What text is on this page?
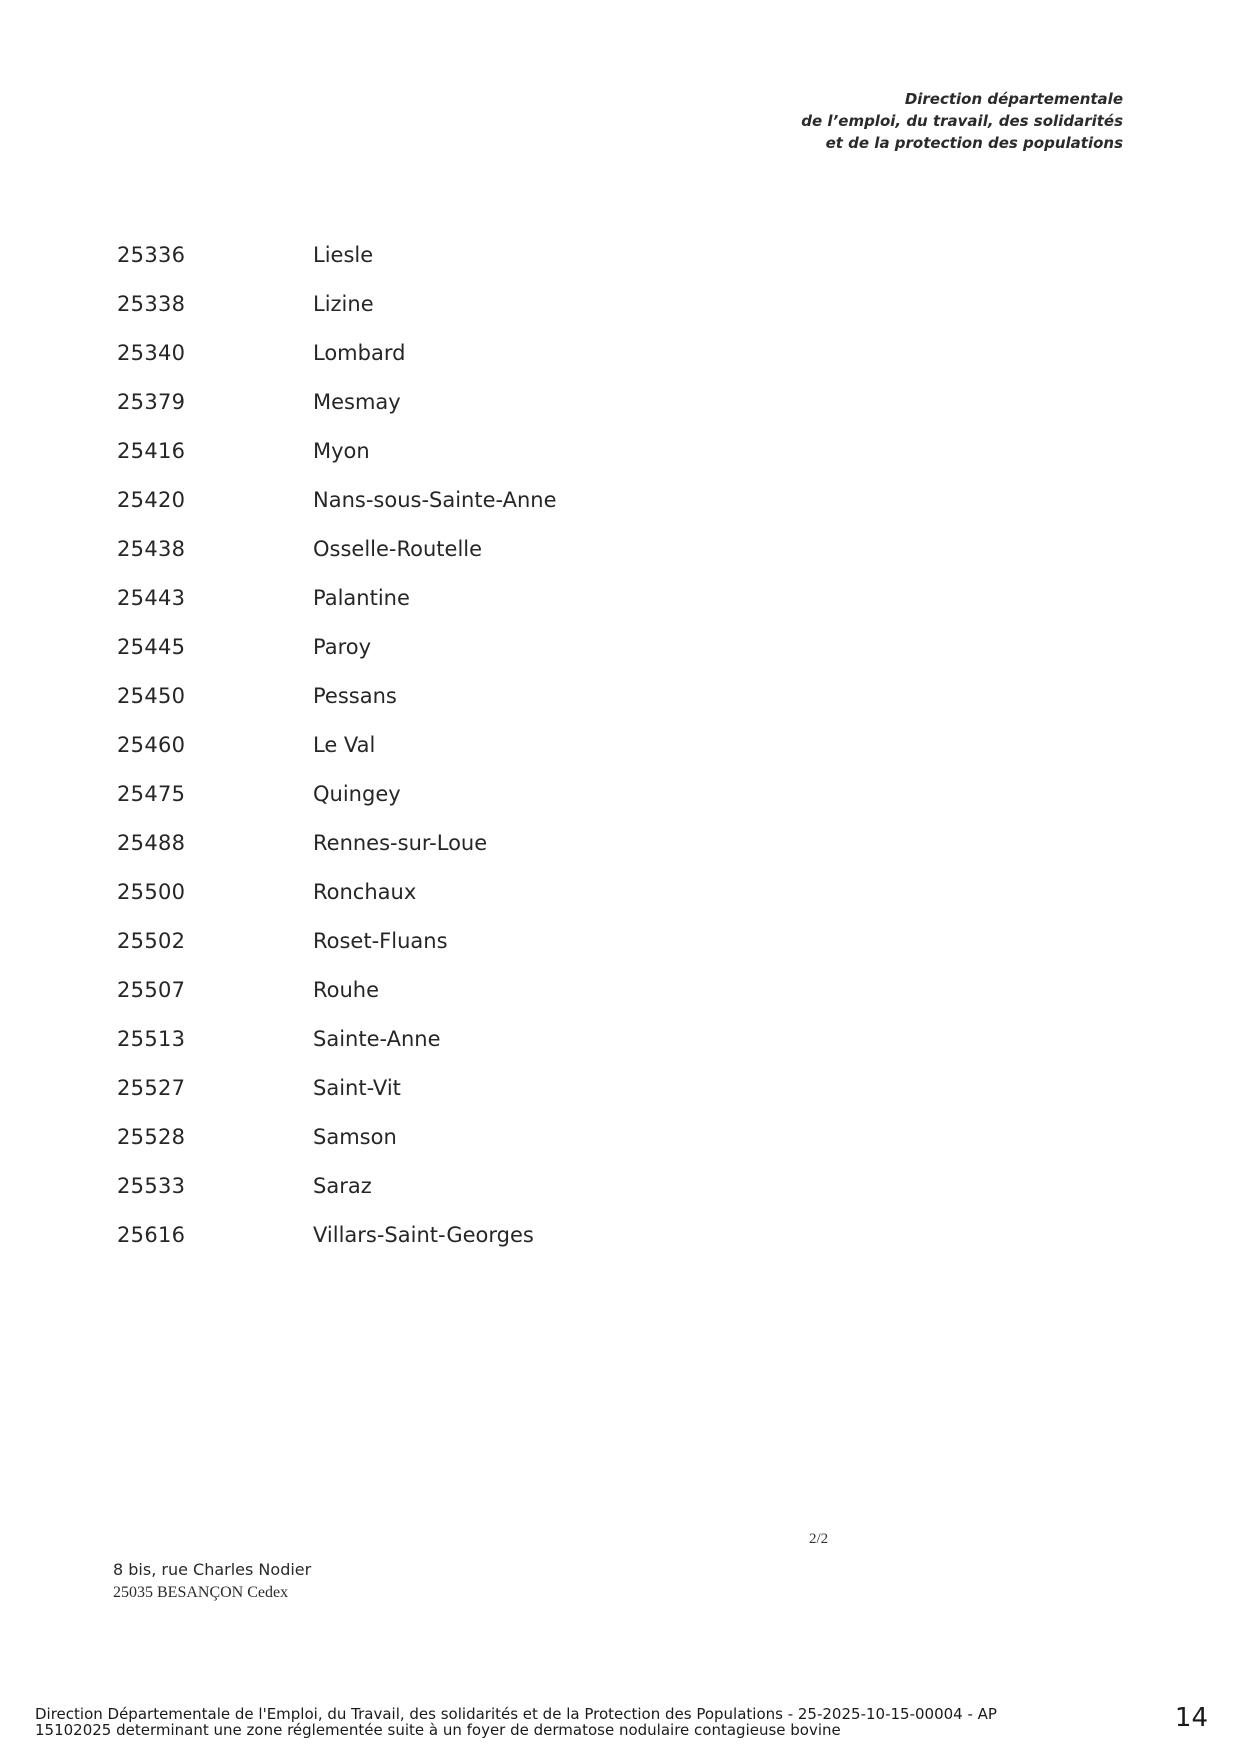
Direction départementale
de l’emploi, du travail, des solidarités
et de la protection des populations
25336	Liesle
25338	Lizine
25340	Lombard
25379	Mesmay
25416	Myon
25420	Nans-sous-Sainte-Anne
25438	Osselle-Routelle
25443	Palantine
25445	Paroy
25450	Pessans
25460	Le Val
25475	Quingey
25488	Rennes-sur-Loue
25500	Ronchaux
25502	Roset-Fluans
25507	Rouhe
25513	Sainte-Anne
25527	Saint-Vit
25528	Samson
25533	Saraz
25616	Villars-Saint-Georges
2/2
8 bis, rue Charles Nodier
25035 BESANÇON Cedex
Direction Départementale de l'Emploi, du Travail, des solidarités et de la Protection des Populations - 25-2025-10-15-00004 - AP
15102025 determinant une zone réglementée suite à un foyer de dermatose nodulaire contagieuse bovine	14
